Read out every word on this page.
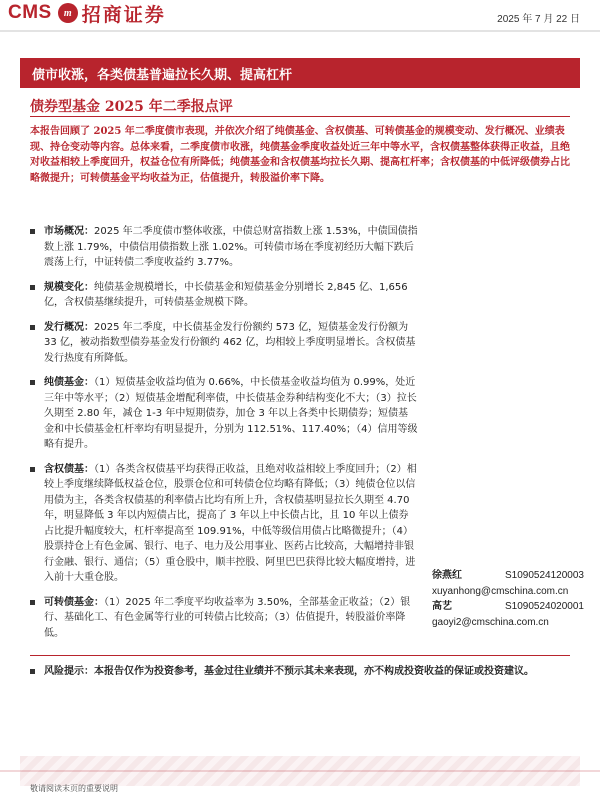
CMS	m 招商证券	2025 年 7 月 22 日
债市收涨，各类债基普遍拉长久期、提高杠杆
债券型基金 2025 年二季报点评
本报告回顾了 2025 年二季度债市表现，并依次介绍了纯债基金、含权债基、可转债基金的规模变动、发行概况、业绩表现、持仓变动等内容。总体来看，二季度债市收涨，纯债基金季度收益处近三年中等水平，含权债基整体获得正收益，且绝对收益相较上季度回升，权益仓位有所降低；纯债基金和含权债基均拉长久期、提高杠杆率；含权债基的中低评级债券占比略微提升；可转债基金平均收益为正，估值提升，转股溢价率下降。
市场概况：2025 年二季度债市整体收涨，中债总财富指数上涨 1.53%，中债国债指数上涨 1.79%，中债信用债指数上涨 1.02%。可转债市场在季度初经历大幅下跌后震荡上行，中证转债二季度收益约 3.77%。
规模变化：纯债基金规模增长，中长债基金和短债基金分别增长 2,845 亿、1,656 亿，含权债基继续提升，可转债基金规模下降。
发行概况：2025 年二季度，中长债基金发行份额约 573 亿，短债基金发行份额为 33 亿，被动指数型债券基金发行份额约 462 亿，均相较上季度明显增长。含权债基发行热度有所降低。
纯债基金：（1）短债基金收益均值为 0.66%，中长债基金收益均值为 0.99%，处近三年中等水平；（2）短债基金增配利率债，中长债基金券种结构变化不大；（3）拉长久期至 2.80 年，减仓 1-3 年中短期债券，加仓 3 年以上各类中长期债券；短债基金和中长债基金杠杆率均有明显提升，分别为 112.51%、117.40%；（4）信用等级略有提升。
含权债基：（1）各类含权债基平均获得正收益，且绝对收益相较上季度回升；（2）相较上季度继续降低权益仓位，股票仓位和可转债仓位均略有降低；（3）纯债仓位以信用债为主，各类含权债基的利率债占比均有所上升，含权债基明显拉长久期至 4.70 年，明显降低 3 年以内短债占比，提高了 3 年以上中长债占比，且 10 年以上债券占比提升幅度较大，杠杆率提高至 109.91%，中低等级信用债占比略微提升；（4）股票持仓上有色金属、银行、电子、电力及公用事业、医药占比较高，大幅增持非银行金融、银行、通信；（5）重仓股中，顺丰控股、阿里巴巴获得比较大幅度增持，进入前十大重仓股。
可转债基金：（1）2025 年二季度平均收益率为 3.50%，全部基金正收益；（2）银行、基础化工、有色金属等行业的可转债占比较高；（3）估值提升，转股溢价率降低。
徐燕红	S1090524120003
xuyanhong@cmschina.com.cn
高艺	S1090524020001
gaoyi2@cmschina.com.cn
风险提示：本报告仅作为投资参考，基金过往业绩并不预示其未来表现，亦不构成投资收益的保证或投资建议。
敬请阅读末页的重要说明
